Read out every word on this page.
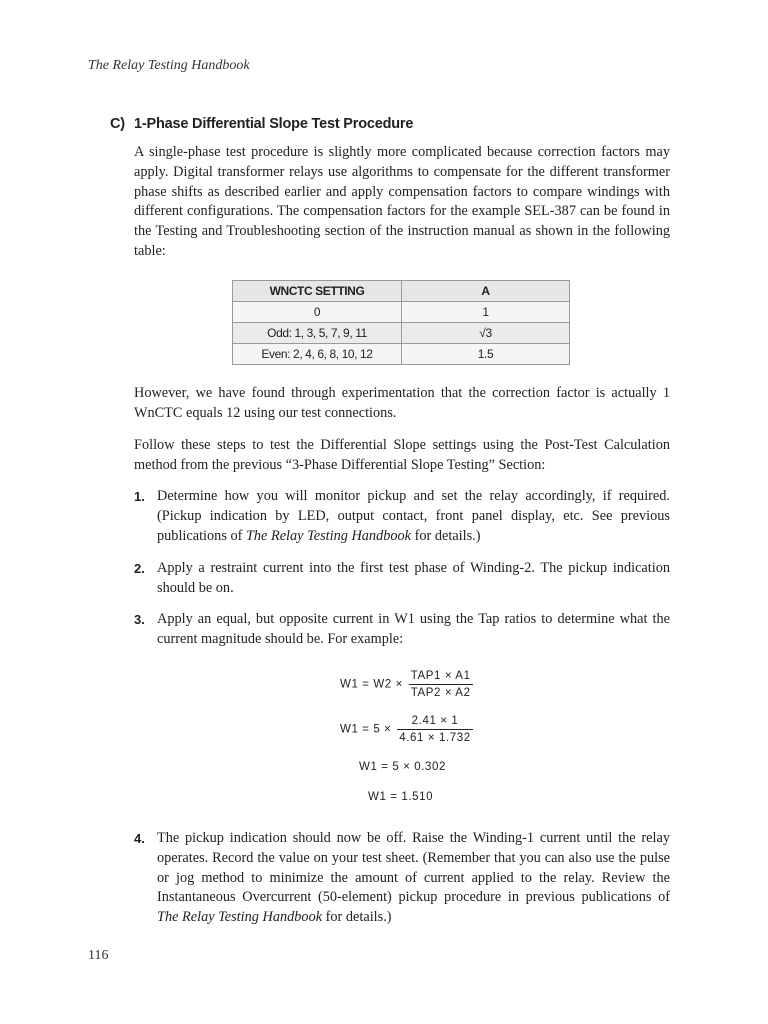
The Relay Testing Handbook
C) 1-Phase Differential Slope Test Procedure

A single-phase test procedure is slightly more complicated because correction factors may apply. Digital transformer relays use algorithms to compensate for the different transformer phase shifts as described earlier and apply compensation factors to compare windings with different configurations. The compensation factors for the example SEL-387 can be found in the Testing and Troubleshooting section of the instruction manual as shown in the following table:

WNCTC SETTING	A
0	1
Odd: 1, 3, 5, 7, 9, 11	√3
Even: 2, 4, 6, 8, 10, 12	1.5

However, we have found through experimentation that the correction factor is actually 1 WnCTC equals 12 using our test connections.

Follow these steps to test the Differential Slope settings using the Post-Test Calculation method from the previous “3-Phase Differential Slope Testing” Section:

1. Determine how you will monitor pickup and set the relay accordingly, if required. (Pickup indication by LED, output contact, front panel display, etc. See previous publications of The Relay Testing Handbook for details.)
2. Apply a restraint current into the first test phase of Winding-2. The pickup indication should be on.
3. Apply an equal, but opposite current in W1 using the Tap ratios to determine what the current magnitude should be. For example:
$W1 = W2 \times \frac{\text{TAP1 × A1}}{\text{TAP2 × A2}}$
$W1 = 5 \times \frac{2.41 \times 1}{4.61 \times 1.732}$
W1 = 5 × 0.302
W1 = 1.510
4. The pickup indication should now be off. Raise the Winding-1 current until the relay operates. Record the value on your test sheet. (Remember that you can also use the pulse or jog method to minimize the amount of current applied to the relay. Review the Instantaneous Overcurrent (50-element) pickup procedure in previous publications of The Relay Testing Handbook for details.)
116
